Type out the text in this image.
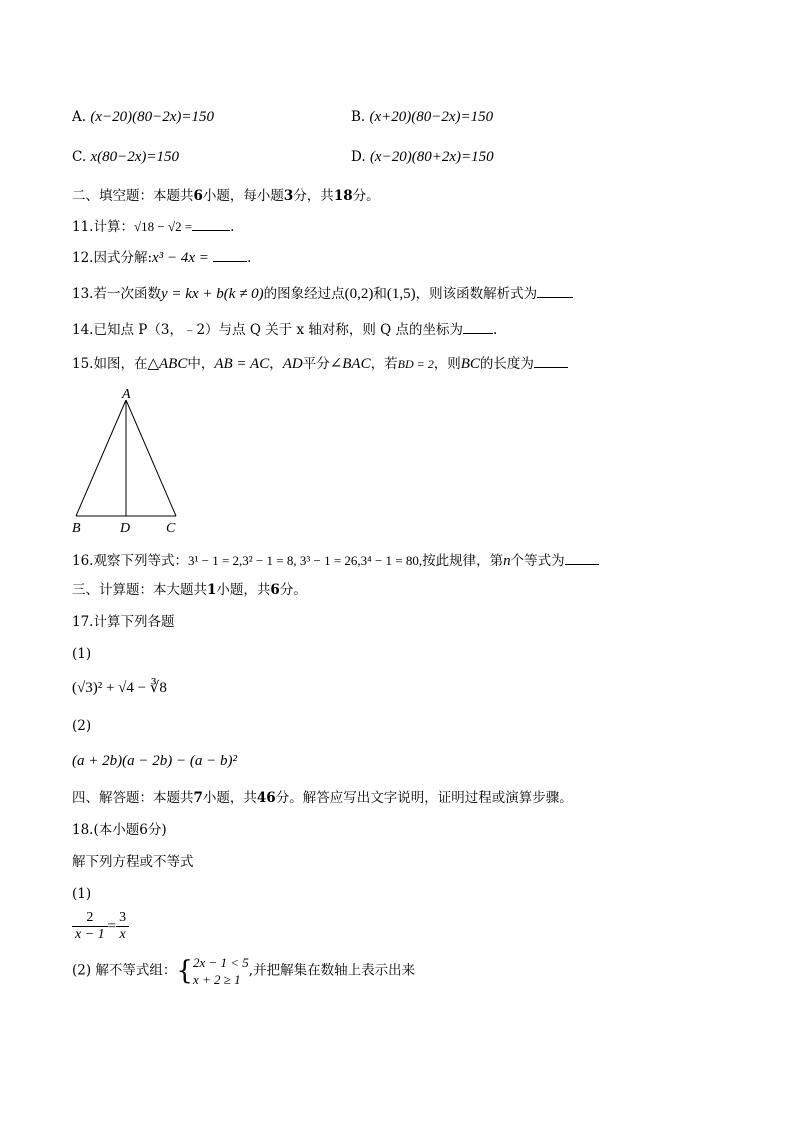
A. (x−20)(80−2x)=150	B. (x+20)(80−2x)=150
C. x(80−2x)=150	D. (x−20)(80+2x)=150
二、填空题：本题共6小题，每小题3分，共18分。
11.计算：√18 − √2 =	.
12.因式分解:x³ − 4x =	.
13.若一次函数y = kx + b(k ≠ 0)的图象经过点(0,2)和(1,5)，则该函数解析式为
14.已知点 P（3，﹣2）与点 Q 关于 x 轴对称，则 Q 点的坐标为 .
15.如图，在△ABC中，AB = AC，AD平分∠BAC，若BD = 2，则BC的长度为
A
B	D	C
16.观察下列等式：3¹ − 1 = 2,3² − 1 = 8, 3³ − 1 = 26,3⁴ − 1 = 80,按此规律，第n个等式为
三、计算题：本大题共1小题，共6分。
17.计算下列各题
(1)
(√3)² + √4 − ∛8
(2)
(a + 2b)(a − 2b) − (a − b)²
四、解答题：本题共7小题，共46分。解答应写出文字说明，证明过程或演算步骤。
18.(本小题6分)
解下列方程或不等式
(1)
$\frac{2}{x - 1} = \frac{3}{x}$
(2) 解不等式组：{ 2x − 1 < 5
x + 2 ≥ 1
,并把解集在数轴上表示出来
